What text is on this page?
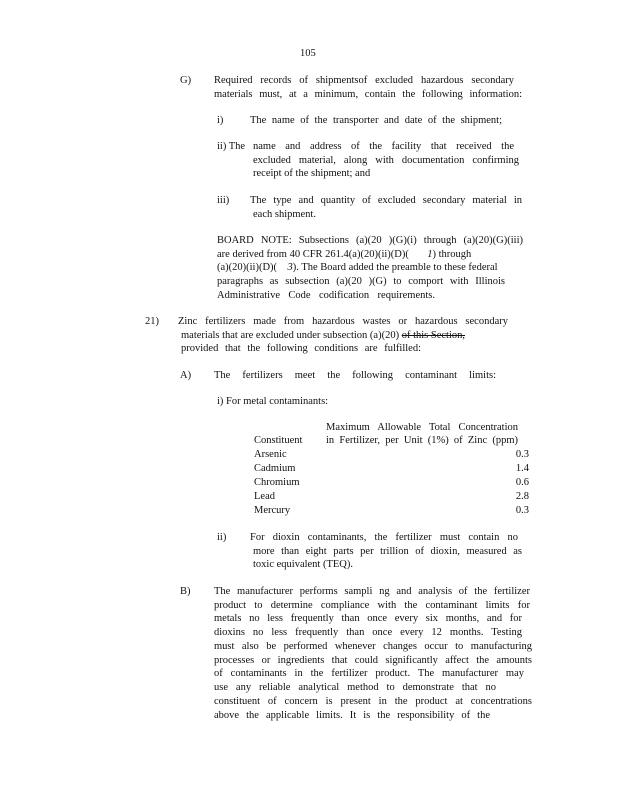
105
G) Required records of shipmentsof excluded hazardous secondary
materials must, at a minimum, contain the following information:
i)	The name of the transporter and date of the shipment;
ii) The name and address of the facility that received the
excluded material, along with documentation confirming
receipt of the shipment; and
iii) The type and quantity of excluded secondary material in
each shipment.
BOARD NOTE: Subsections (a)(20 )(G)(i) through (a)(20)(G)(iii)
are derived from 40 CFR 261.4(a)(20)(ii)(D)( 1) through
(a)(20)(ii)(D)( 3). The Board added the preamble to these federal
paragraphs as subsection (a)(20 )(G) to comport with Illinois
Administrative Code codification requirements.
21) Zinc fertilizers made from hazardous wastes or hazardous secondary
materials that are excluded under subsection (a)(20) of this Section,
provided that the following conditions are fulfilled:
A) The fertilizers meet the following contaminant limits:
i) For metal contaminants:
Maximum Allowable Total Concentration
Constituent in Fertilizer, per Unit (1%) of Zinc (ppm)
Arsenic	0.3
Cadmium	1.4
Chromium	0.6
Lead	2.8
Mercury	0.3
ii) For dioxin contaminants, the fertilizer must contain no
more than eight parts per trillion of dioxin, measured as
toxic equivalent (TEQ).
B) The manufacturer performs sampli ng and analysis of the fertilizer
product to determine compliance with the contaminant limits for
metals no less frequently than once every six months, and for
dioxins no less frequently than once every 12 months. Testing
must also be performed whenever changes occur to manufacturing
processes or ingredients that could significantly affect the amounts
of contaminants in the fertilizer product. The manufacturer may
use any reliable analytical method to demonstrate that no
constituent of concern is present in the product at concentrations
above the applicable limits. It is the responsibility of the
